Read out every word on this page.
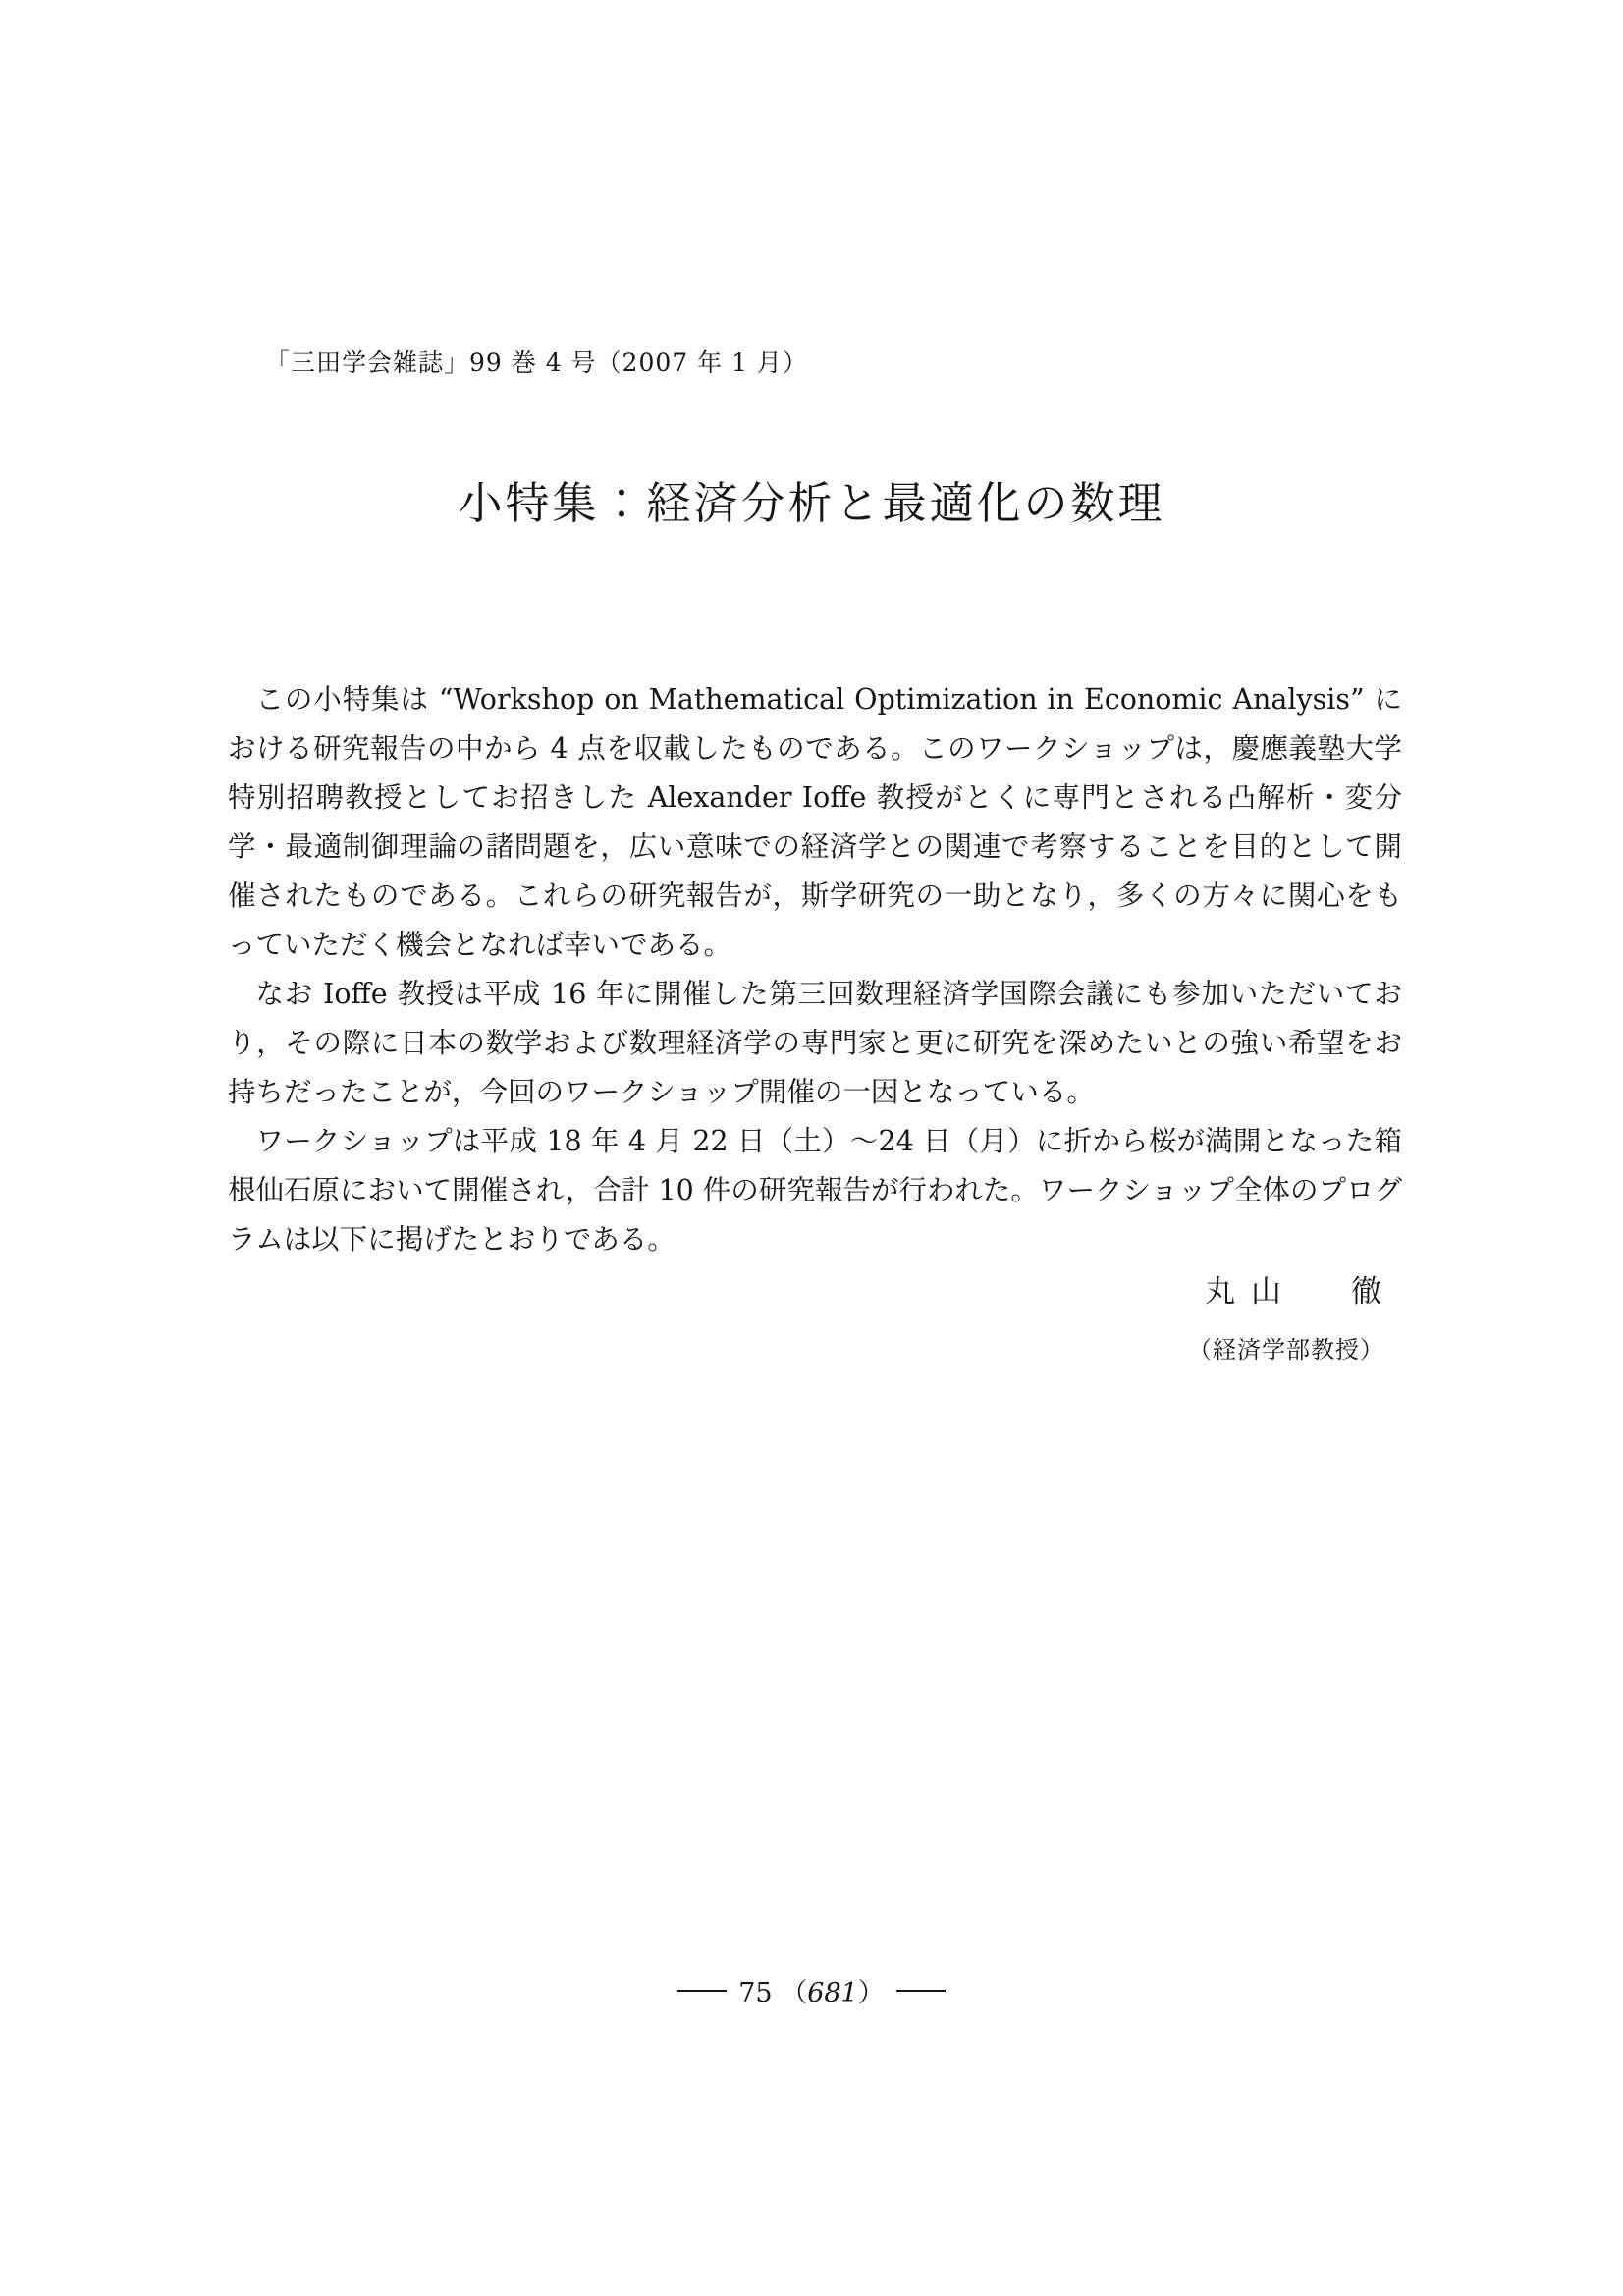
「三田学会雑誌」99 巻 4 号（2007 年 1 月）
小特集：経済分析と最適化の数理

この小特集は “Workshop on Mathematical Optimization in Economic Analysis” における研究報告の中から 4 点を収載したものである。このワークショップは，慶應義塾大学特別招聘教授としてお招きした Alexander Ioffe 教授がとくに専門とされる凸解析・変分学・最適制御理論の諸問題を，広い意味での経済学との関連で考察することを目的として開催されたものである。これらの研究報告が，斯学研究の一助となり，多くの方々に関心をもっていただく機会となれば幸いである。

なお Ioffe 教授は平成 16 年に開催した第三回数理経済学国際会議にも参加いただいており，その際に日本の数学および数理経済学の専門家と更に研究を深めたいとの強い希望をお持ちだったことが，今回のワークショップ開催の一因となっている。

ワークショップは平成 18 年 4 月 22 日（土）〜24 日（月）に折から桜が満開となった箱根仙石原において開催され，合計 10 件の研究報告が行われた。ワークショップ全体のプログラムは以下に掲げたとおりである。

丸 山　　徹
（経済学部教授）
75
（ 681 ）
